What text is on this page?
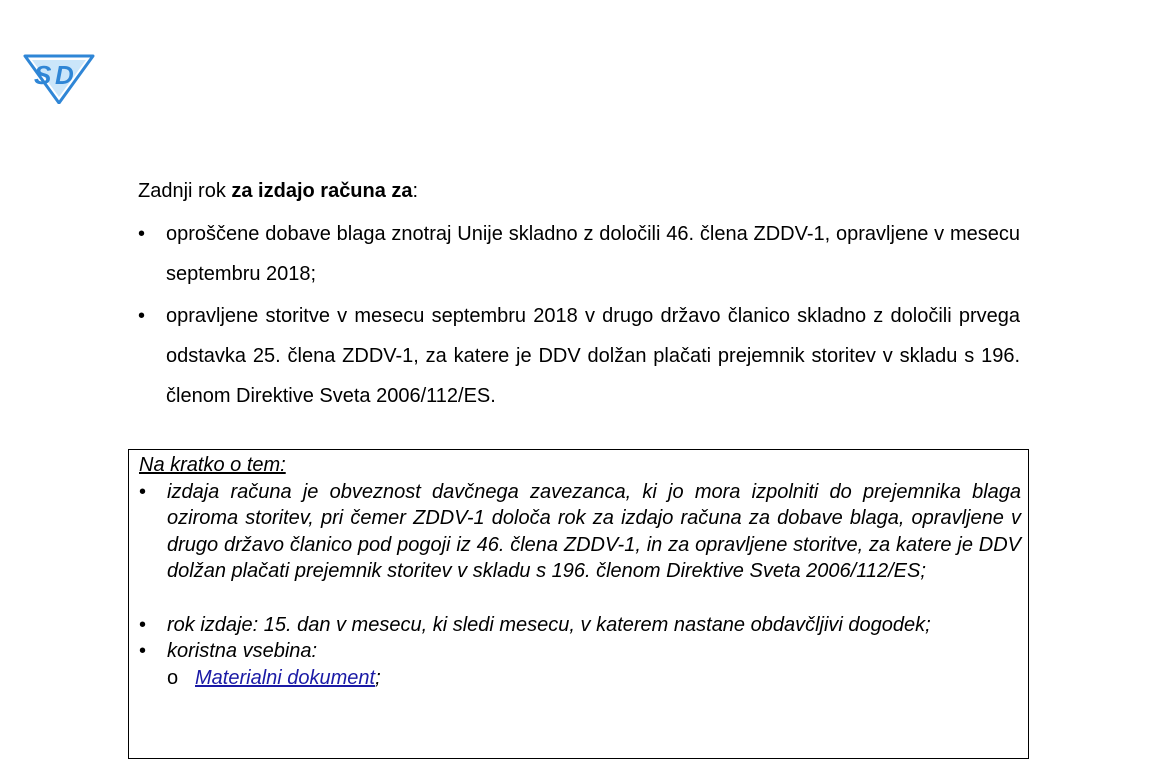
S D
Zadnji rok za izdajo računa za:
•	oproščene dobave blaga znotraj Unije skladno z določili 46. člena ZDDV-1, opravljene v mesecu septembru 2018;
•	opravljene storitve v mesecu septembru 2018 v drugo državo članico skladno z določili prvega odstavka 25. člena ZDDV-1, za katere je DDV dolžan plačati prejemnik storitev v skladu s 196. členom Direktive Sveta 2006/112/ES.
Na kratko o tem:
• izdaja računa je obveznost davčnega zavezanca, ki jo mora izpolniti do prejemnika blaga oziroma storitev, pri čemer ZDDV-1 določa rok za izdajo računa za dobave blaga, opravljene v drugo državo članico pod pogoji iz 46. člena ZDDV-1, in za opravljene storitve, za katere je DDV dolžan plačati prejemnik storitev v skladu s 196. členom Direktive Sveta 2006/112/ES;
• rok izdaje: 15. dan v mesecu, ki sledi mesecu, v katerem nastane obdavčljivi dogodek;
• koristna vsebina:
o Materialni dokument;
